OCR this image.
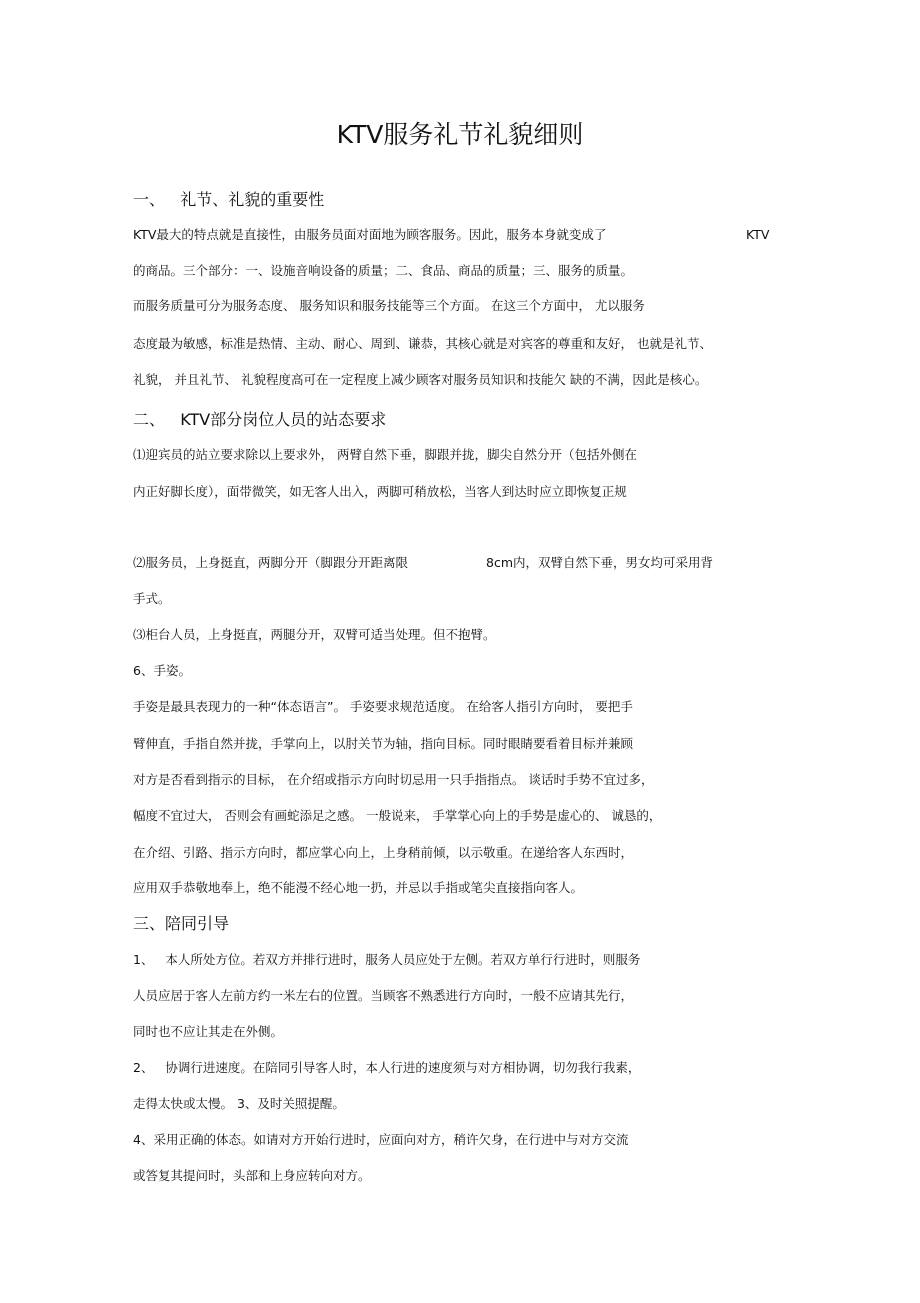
KTV服务礼节礼貌细则
一、   礼节、礼貌的重要性
KTV最大的特点就是直接性，由服务员面对面地为顾客服务。因此，服务本身就变成了	KTV
的商品。三个部分：一、设施音响设备的质量；二、食品、商品的质量；三、服务的质量。
而服务质量可分为服务态度、 服务知识和服务技能等三个方面。 在这三个方面中， 尤以服务
态度最为敏感，标准是热情、主动、耐心、周到、谦恭，其核心就是对宾客的尊重和友好， 也就是礼节、
礼貌， 并且礼节、 礼貌程度高可在一定程度上减少顾客对服务员知识和技能欠 缺的不满，因此是核心。
二、   KTV部分岗位人员的站态要求
⑴迎宾员的站立要求除以上要求外， 两臂自然下垂，脚跟并拢，脚尖自然分开（包括外侧在
内正好脚长度），面带微笑，如无客人出入，两脚可稍放松，当客人到达时应立即恢复正规
⑵服务员，上身挺直，两脚分开（脚跟分开距离限	8cm内，双臂自然下垂，男女均可采用背
手式。
⑶柜台人员，上身挺直，两腿分开，双臂可适当处理。但不抱臂。
6、手姿。
手姿是最具表现力的一种“体态语言”。 手姿要求规范适度。 在给客人指引方向时， 要把手
臂伸直，手指自然并拢，手掌向上，以肘关节为轴，指向目标。同时眼睛要看着目标并兼顾
对方是否看到指示的目标， 在介绍或指示方向时切忌用一只手指指点。 谈话时手势不宜过多，
幅度不宜过大， 否则会有画蛇添足之感。 一般说来， 手掌掌心向上的手势是虚心的、 诚恳的，
在介绍、引路、指示方向时，都应掌心向上，上身稍前倾，以示敬重。在递给客人东西时，
应用双手恭敬地奉上，绝不能漫不经心地一扔，并忌以手指或笔尖直接指向客人。
三、陪同引导
1、   本人所处方位。若双方并排行进时，服务人员应处于左侧。若双方单行行进时，则服务
人员应居于客人左前方约一米左右的位置。当顾客不熟悉进行方向时，一般不应请其先行，
同时也不应让其走在外侧。
2、   协调行进速度。在陪同引导客人时，本人行进的速度须与对方相协调，切勿我行我素，
走得太快或太慢。 3、及时关照提醒。
4、采用正确的体态。如请对方开始行进时，应面向对方，稍许欠身，在行进中与对方交流
或答复其提问时，头部和上身应转向对方。
